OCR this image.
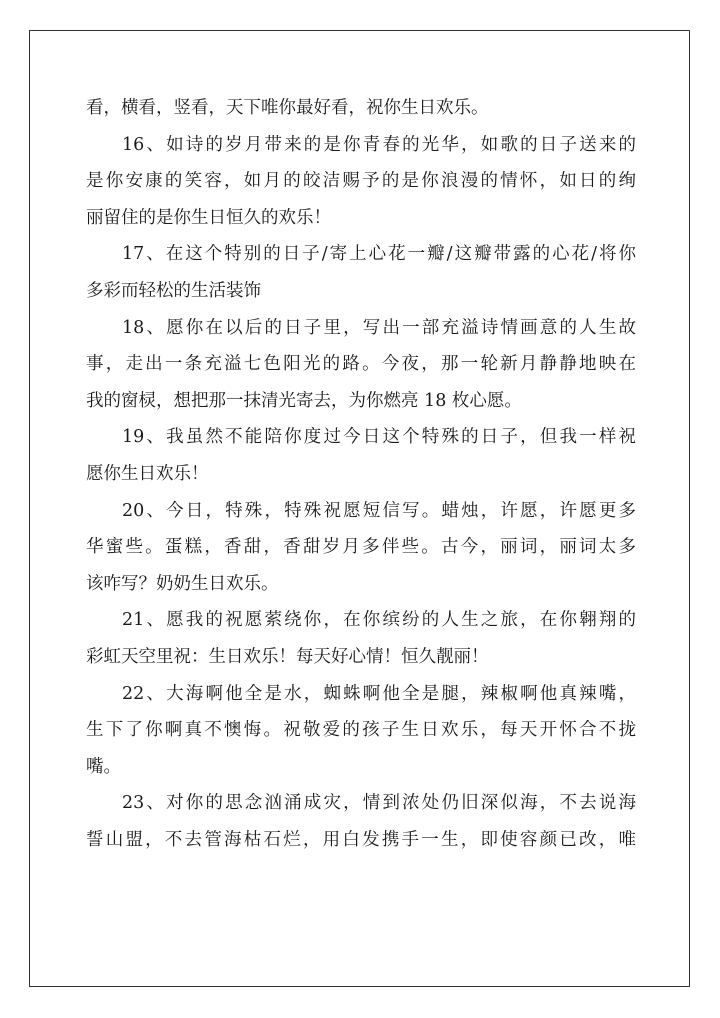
看，横看，竖看，天下唯你最好看，祝你生日欢乐。
16、如诗的岁月带来的是你青春的光华，如歌的日子送来的
是你安康的笑容，如月的皎洁赐予的是你浪漫的情怀，如日的绚
丽留住的是你生日恒久的欢乐！
17、在这个特别的日子/寄上心花一瓣/这瓣带露的心花/将你
多彩而轻松的生活装饰
18、愿你在以后的日子里，写出一部充溢诗情画意的人生故
事，走出一条充溢七色阳光的路。今夜，那一轮新月静静地映在
我的窗棂，想把那一抹清光寄去，为你燃亮 18 枚心愿。
19、我虽然不能陪你度过今日这个特殊的日子，但我一样祝
愿你生日欢乐！
20、今日，特殊，特殊祝愿短信写。蜡烛，许愿，许愿更多
华蜜些。蛋糕，香甜，香甜岁月多伴些。古今，丽词，丽词太多
该咋写？奶奶生日欢乐。
21、愿我的祝愿萦绕你，在你缤纷的人生之旅，在你翱翔的
彩虹天空里祝：生日欢乐！每天好心情！恒久靓丽！
22、大海啊他全是水，蜘蛛啊他全是腿，辣椒啊他真辣嘴，
生下了你啊真不懊悔。祝敬爱的孩子生日欢乐，每天开怀合不拢
嘴。
23、对你的思念汹涌成灾，情到浓处仍旧深似海，不去说海
誓山盟，不去管海枯石烂，用白发携手一生，即使容颜已改，唯
